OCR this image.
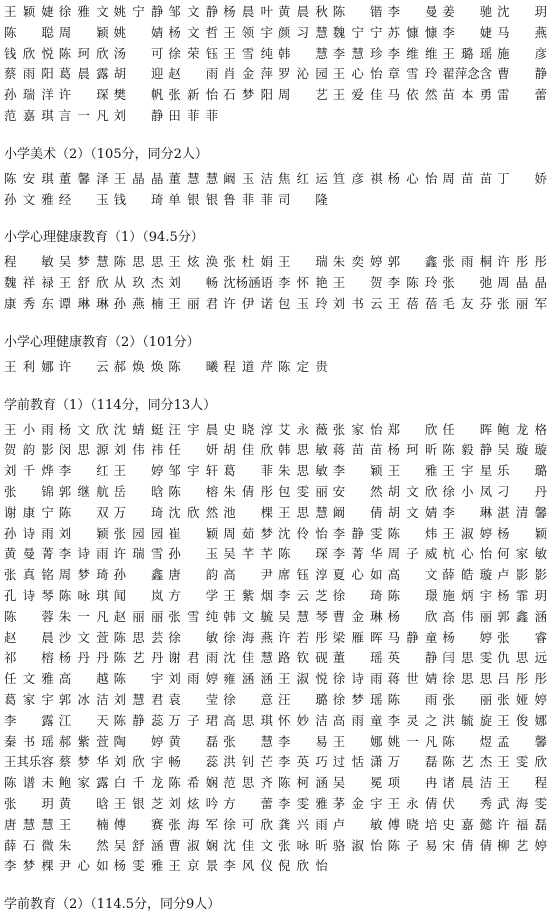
王颖婕 徐雅文 姚宁静 邹文静 杨晨叶 黄晨秋 陈锴 李曼 姜驰 沈玥
陈聪 周颖 姚婧 杨文哲 王领宇 颜习慧 魏宁宁 苏慷慷 李婕 马燕
钱欣悦 陈珂欣 汤可 徐荣钰 王雪纯 韩慧 李慧珍 李维维 王璐瑶 施彦
蔡雨阳 葛晨露 胡迎 赵雨 肖金萍 罗沁园 王心怡 章雪玲 翟萍念含 曹静
孙瑞洋 许琛 樊帆 张新怡 石梦阳 周艺 王爱佳 马依然 苗本勇 雷蕾
范嘉琪 言一凡 刘静 田菲菲
小学美术（2）（105分，同分2人）
陈安琪 董馨泽 王晶晶 董慧慧 阚玉洁 焦红运 笪彦祺 杨心怡 周苗苗 丁娇
孙文雅 经玉 钱琦 单银银 鲁菲菲 司隆
小学心理健康教育（1）（94.5分）
程敏 吴梦慧 陈思思 王炫涣 张杜娟 王瑞 朱奕婷 郭鑫 张雨桐 许彤彤
魏祥禄 王舒欣 从玖杰 刘畅 沈杨涵语 李怀艳 王贺 李陈玲 张弛 周晶晶
康秀东 谭琳琳 孙燕楠 王丽君 许伊诺 包玉玲 刘书云 王蓓蓓 毛友芬 张丽军
小学心理健康教育（2）（101分）
王利娜 许云 郝焕焕 陈曦 程道芹 陈定贵
学前教育（1）（114分，同分13人）
王小雨 杨文欣 沈蜻蜓 汪宇晨 史晓淳 艾永薇 张家怡 郑欣 任晖 鲍龙格
贺韵影 闵思源 刘伟祎 任妍 胡佳欣 韩思敏 蒋苗苗 杨珂昕 陈毅静 吴璇璇
刘千烨 李红 王婷 邹宇轩 葛菲 朱思敏 李颖 王雅 王宇星 乐璐
张锦 郭继航 岳晗 陈榕 朱倩彤 包雯丽 安然 胡文欣 徐小凤 刁丹
谢康宁 陈双 万琦 沈欣然 池棵 王思慧 阚倩 胡文婧 李琳 湛清馨
孙诗雨 刘颖 张园园 崔颖 周茹梦 沈伶怡 李静雯 陈炜 王淑婷 杨颖
黄曼菁 李诗雨 许瑞雪 孙玉 吴芊芊 陈琛 李菁华 周子威 杭心怡 何家敏
张真铭 周梦琦 孙鑫 唐韵 高尹 席钰淳 夏心如 高文 薛皓璇 卢影影
孔诗琴 陈咏琪 闻岚 方学 王紫烟 李云芝 徐琦 陈璟 施炳宇 杨霏玥
陈蓉 朱一凡 赵丽丽 张雪纯 韩文毓 吴慧琴 曹金琳 杨欣 高伟丽 郭鑫涵
赵晨 沙文萱 陈思芸 徐敏 徐海燕 许若彤 梁雁晖 马静童 杨婷 张睿
祁榕 杨丹丹 陈艺丹 谢君雨 沈佳慧 路钦砚 董瑶 英静 闫思雯 仇思远
任文雅 高越 陈宇 刘雨婷 雍涵涵 王淑悦 徐诗雨 蒋世婧 徐思思 吕彤彤
葛家宇 郭冰洁 刘慧君 袁莹 徐意 汪璐 徐梦瑶 陈雨 张丽 张娅婷
李露 江天 陈静蕊 万子珺 高思琪 怀妙洁 高雨童 李灵之 洪毓旋 王俊娜
秦书瑶 郝紫萱 陶婷 黄磊 张慧 李易 王娜 姚一凡 陈煜 孟馨
王其乐容 蔡梦华 刘欣宇 畅蕊 洪钊芒 李英巧 过恬潇 万磊 陈艺杰 王雯欣
陈谱未 鲍家露 白千龙 陈希娴 范思齐 陈柯涵 吴冕 项冉 诸晨洁 王程
张玥 黄晗 王银芝 刘炫吟 方蕾 李雯雅 茅金宇 王永倩 伏秀 武海雯
唐慧慧 王楠 傅赛 张海军 徐可欣 龚兴雨 卢敏 傅晓培 史嘉懿 许福磊
薛石微 朱然 吴舒涵 曹淑娴 沈佳文 张咏昕 骆淑怡 陈子易 宋倩倩 柳艺婷
李梦棵 尹心如 杨雯雅 王京景 李风仪 倪欣怡
学前教育（2）（114.5分，同分9人）
